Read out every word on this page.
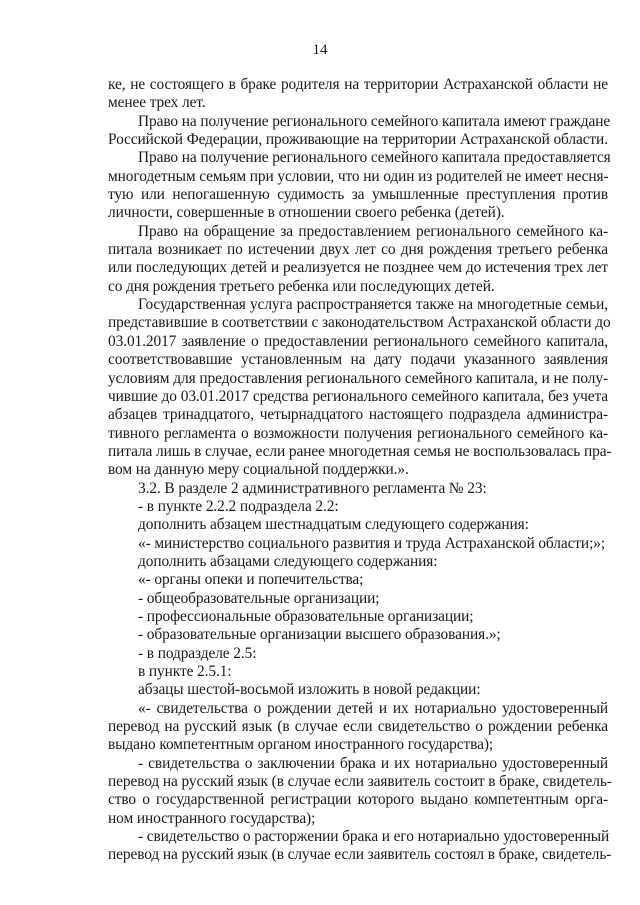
14
ке, не состоящего в браке родителя на территории Астраханской области не
менее трех лет.
Право на получение регионального семейного капитала имеют граждане
Российской Федерации, проживающие на территории Астраханской области.
Право на получение регионального семейного капитала предоставляется
многодетным семьям при условии, что ни один из родителей не имеет несня-
тую или непогашенную судимость за умышленные преступления против
личности, совершенные в отношении своего ребенка (детей).
Право на обращение за предоставлением регионального семейного ка-
питала возникает по истечении двух лет со дня рождения третьего ребенка
или последующих детей и реализуется не позднее чем до истечения трех лет
со дня рождения третьего ребенка или последующих детей.
Государственная услуга распространяется также на многодетные семьи,
представившие в соответствии с законодательством Астраханской области до
03.01.2017 заявление о предоставлении регионального семейного капитала,
соответствовавшие установленным на дату подачи указанного заявления
условиям для предоставления регионального семейного капитала, и не полу-
чившие до 03.01.2017 средства регионального семейного капитала, без учета
абзацев тринадцатого, четырнадцатого настоящего подраздела администра-
тивного регламента о возможности получения регионального семейного ка-
питала лишь в случае, если ранее многодетная семья не воспользовалась пра-
вом на данную меру социальной поддержки.».
3.2. В разделе 2 административного регламента № 23:
- в пункте 2.2.2 подраздела 2.2:
дополнить абзацем шестнадцатым следующего содержания:
«- министерство социального развития и труда Астраханской области;»;
дополнить абзацами следующего содержания:
«- органы опеки и попечительства;
- общеобразовательные организации;
- профессиональные образовательные организации;
- образовательные организации высшего образования.»;
- в подразделе 2.5:
в пункте 2.5.1:
абзацы шестой-восьмой изложить в новой редакции:
«- свидетельства о рождении детей и их нотариально удостоверенный
перевод на русский язык (в случае если свидетельство о рождении ребенка
выдано компетентным органом иностранного государства);
- свидетельства о заключении брака и их нотариально удостоверенный
перевод на русский язык (в случае если заявитель состоит в браке, свидетель-
ство о государственной регистрации которого выдано компетентным орга-
ном иностранного государства);
- свидетельство о расторжении брака и его нотариально удостоверенный
перевод на русский язык (в случае если заявитель состоял в браке, свидетель-
